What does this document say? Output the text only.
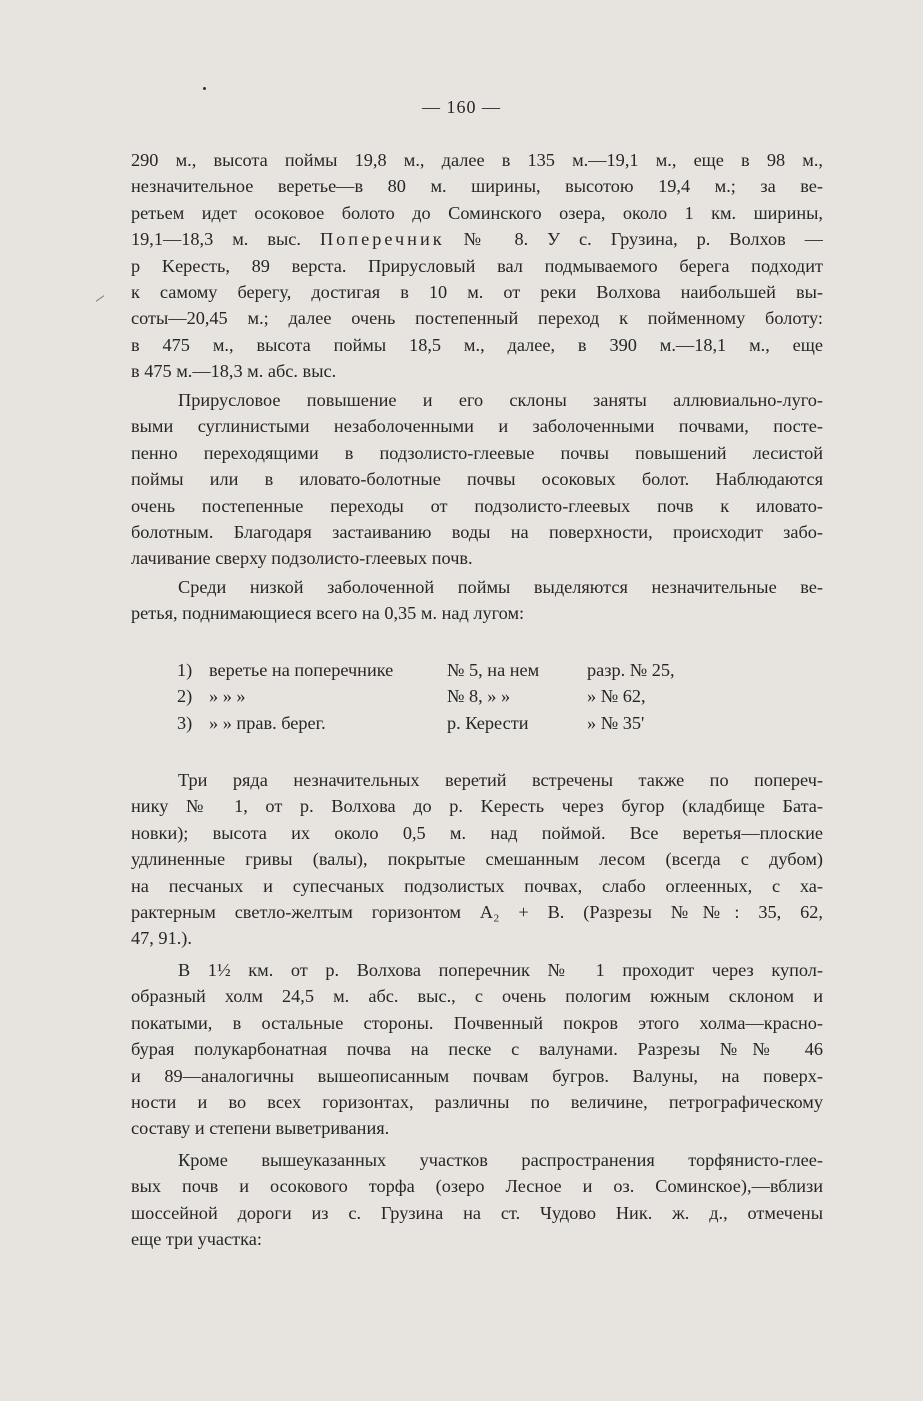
— 160 —
290 м., высота поймы 19,8 м., далее в 135 м.—19,1 м., еще в 98 м.,
незначительное веретье—в 80 м. ширины, высотою 19,4 м.; за ве-
ретьем идет осоковое болото до Соминского озера, около 1 км. ширины,
19,1—18,3 м. выс. Поперечник № 8. У с. Грузина, р. Волхов —
р Keресть, 89 верста. Прирусловый вал подмываемого берега подходит
к самому берегу, достигая в 10 м. от реки Волхова наибольшей вы-
соты—20,45 м.; далее очень постепенный переход к пойменному болоту:
в 475 м., высота поймы 18,5 м., далее, в 390 м.—18,1 м., еще
в 475 м.—18,3 м. абс. выс.
Прирусловое повышение и его склоны заняты аллювиально-луго-
выми суглинистыми незаболоченными и заболоченными почвами, посте-
пенно переходящими в подзолисто-глеевые почвы повышений лесистой
поймы или в иловато-болотные почвы осоковых болот. Наблюдаются
очень постепенные переходы от подзолисто-глеевых почв к иловато-
болотным. Благодаря застаиванию воды на поверхности, происходит забо-
лачивание сверху подзолисто-глеевых почв.
Среди низкой заболоченной поймы выделяются незначительные ве-
ретья, поднимающиеся всего на 0,35 м. над лугом:
1) веретье на поперечнике	№ 5, на нем	разр. № 25,
2) » » »	№ 8, » »	» № 62,
3) » » прав. берег.	р. Керести	» № 35'
Три ряда незначительных веретий встречены также по попереч-
нику № 1, от р. Волхова до р. Keресть через бугор (кладбище Бата-
новки); высота их около 0,5 м. над поймой. Все веретья—плоские
удлиненные гривы (валы), покрытые смешанным лесом (всегда с дубом)
на песчаных и супесчаных подзолистых почвах, слабо оглеенных, с ха-
рактерным светло-желтым горизонтом A₂ + B. (Разрезы №№: 35, 62,
47, 91.).
В 1½ км. от р. Волхова поперечник № 1 проходит через купол-
образный холм 24,5 м. абс. выс., с очень пологим южным склоном и
покатыми, в остальные стороны. Почвенный покров этого холма—красно-
бурая полукарбонатная почва на песке с валунами. Разрезы №№ 46
и 89—аналогичны вышеописанным почвам бугров. Валуны, на поверх-
ности и во всех горизонтах, различны по величине, петрографическому
составу и степени выветривания.
Кроме вышеуказанных участков распространения торфянисто-глее-
вых почв и осокового торфа (озеро Лесное и оз. Соминское),—вблизи
шоссейной дороги из с. Грузина на ст. Чудово Ник. ж. д., отмечены
еще три участка:
